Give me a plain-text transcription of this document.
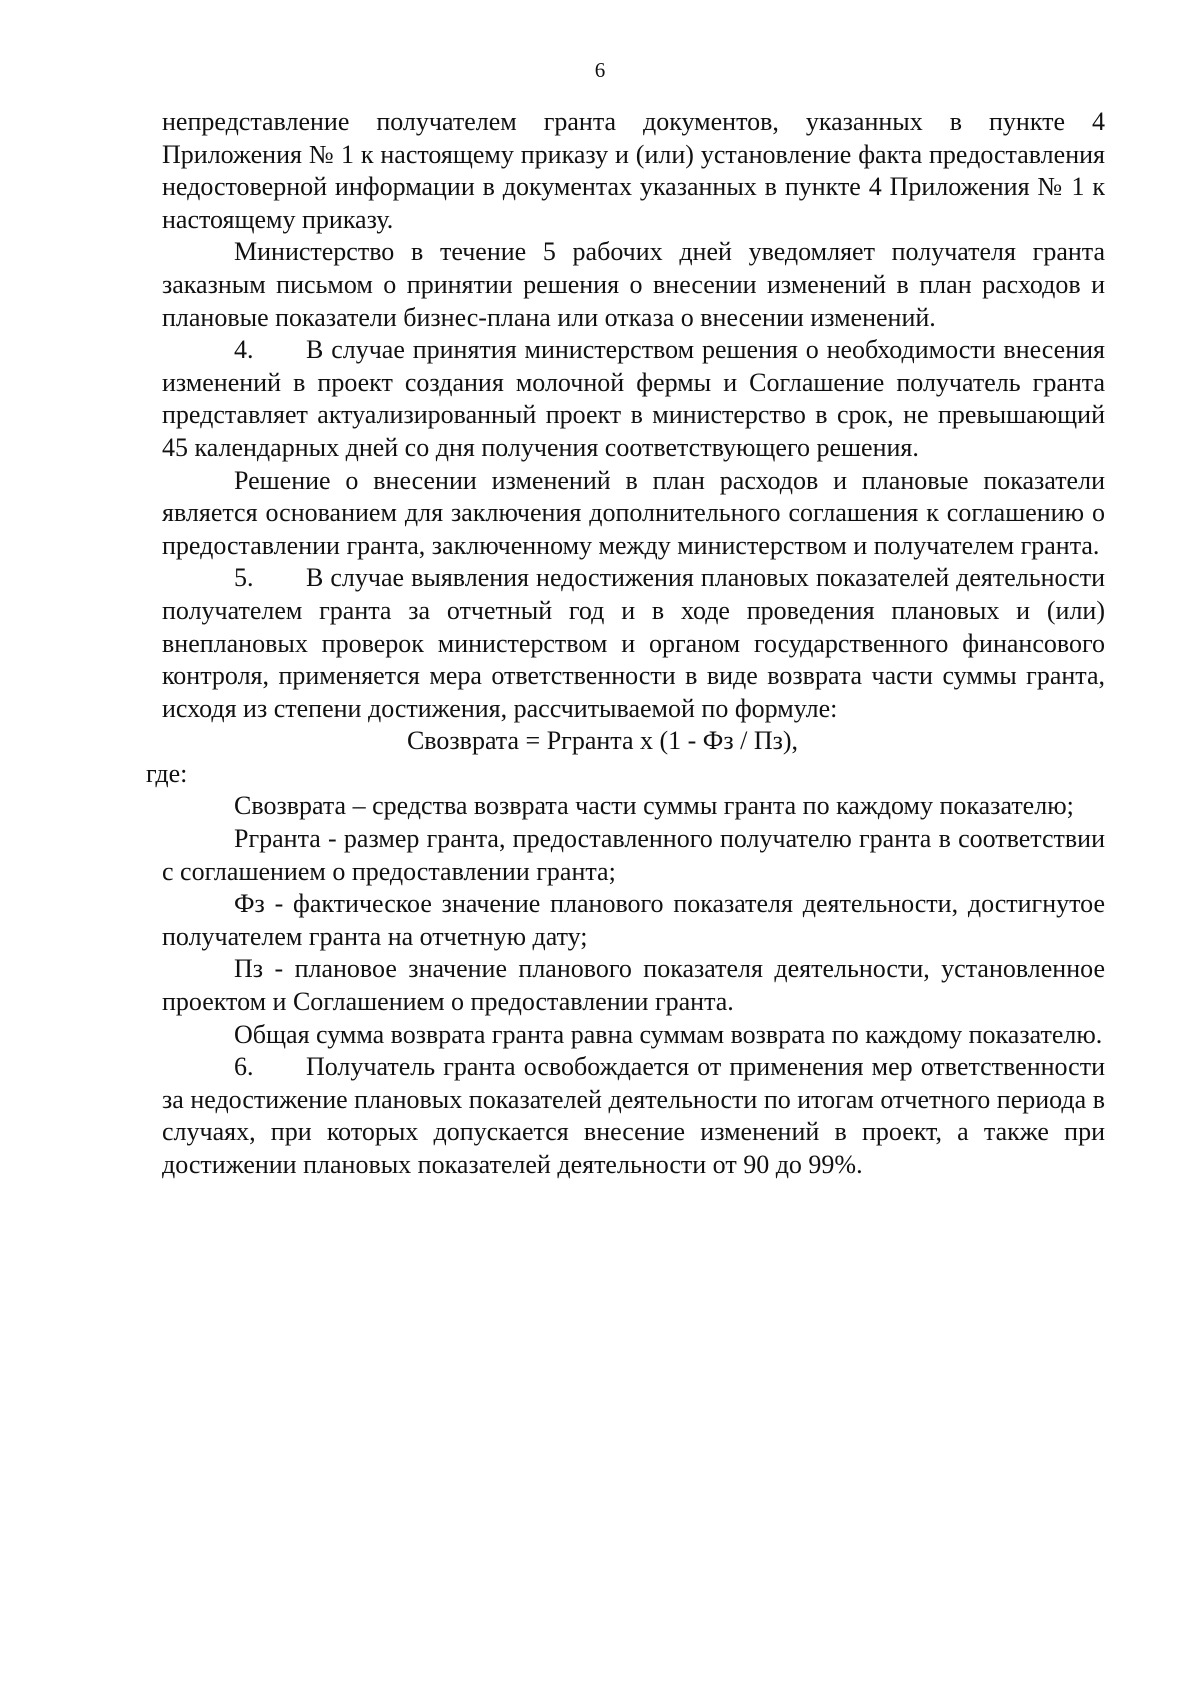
6

непредставление получателем гранта документов, указанных в пункте 4 Приложения № 1 к настоящему приказу и (или) установление факта предоставления недостоверной информации в документах указанных в пункте 4 Приложения № 1 к настоящему приказу.

Министерство в течение 5 рабочих дней уведомляет получателя гранта заказным письмом о принятии решения о внесении изменений в план расходов и плановые показатели бизнес-плана или отказа о внесении изменений.

4. В случае принятия министерством решения о необходимости внесения изменений в проект создания молочной фермы и Соглашение получатель гранта представляет актуализированный проект в министерство в срок, не превышающий 45 календарных дней со дня получения соответствующего решения.

Решение о внесении изменений в план расходов и плановые показатели является основанием для заключения дополнительного соглашения к соглашению о предоставлении гранта, заключенному между министерством и получателем гранта.

5. В случае выявления недостижения плановых показателей деятельности получателем гранта за отчетный год и в ходе проведения плановых и (или) внеплановых проверок министерством и органом государственного финансового контроля, применяется мера ответственности в виде возврата части суммы гранта, исходя из степени достижения, рассчитываемой по формуле:

Свозврата = Ргранта х (1 - Фз / Пз),

где:

Свозврата – средства возврата части суммы гранта по каждому показателю;

Ргранта - размер гранта, предоставленного получателю гранта в соответствии с соглашением о предоставлении гранта;

Фз - фактическое значение планового показателя деятельности, достигнутое получателем гранта на отчетную дату;

Пз - плановое значение планового показателя деятельности, установленное проектом и Соглашением о предоставлении гранта.

Общая сумма возврата гранта равна суммам возврата по каждому показателю.

6. Получатель гранта освобождается от применения мер ответственности за недостижение плановых показателей деятельности по итогам отчетного периода в случаях, при которых допускается внесение изменений в проект, а также при достижении плановых показателей деятельности от 90 до 99%.
